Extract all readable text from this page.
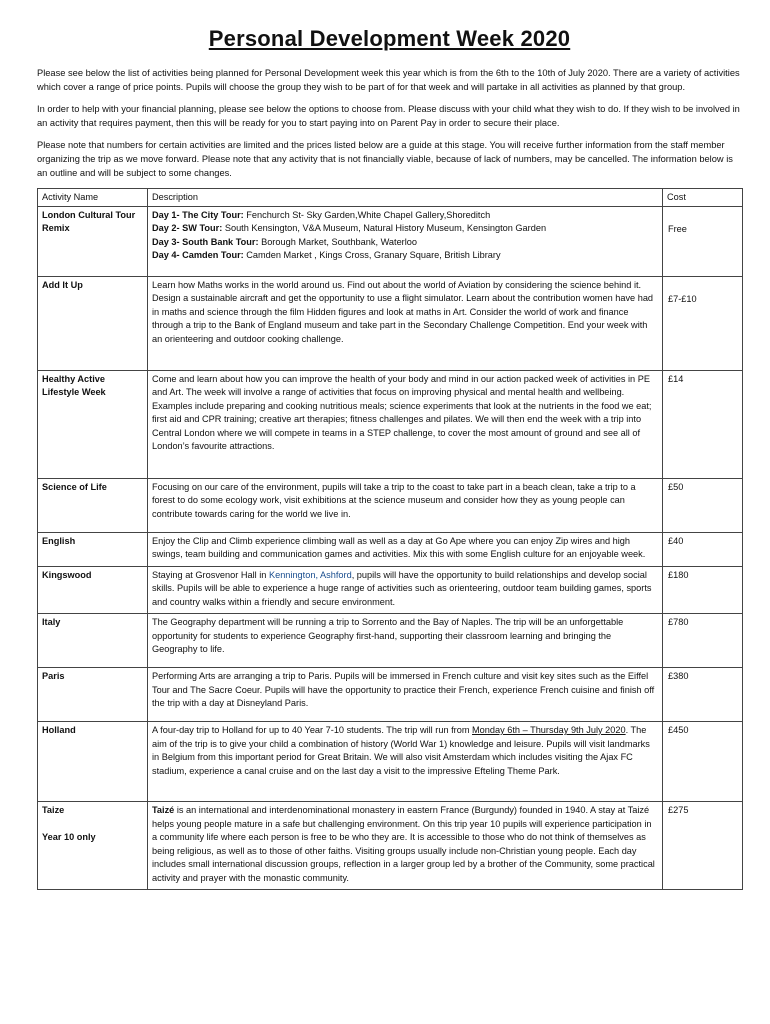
Personal Development Week 2020

Please see below the list of activities being planned for Personal Development week this year which is from the 6th to the 10th of July 2020. There are a variety of activities which cover a range of price points. Pupils will choose the group they wish to be part of for that week and will partake in all activities as planned by that group.

In order to help with your financial planning, please see below the options to choose from. Please discuss with your child what they wish to do. If they wish to be involved in an activity that requires payment, then this will be ready for you to start paying into on Parent Pay in order to secure their place.

Please note that numbers for certain activities are limited and the prices listed below are a guide at this stage. You will receive further information from the staff member organizing the trip as we move forward. Please note that any activity that is not financially viable, because of lack of numbers, may be cancelled. The information below is an outline and will be subject to some changes.

Activity Name	Description	Cost
London Cultural Tour Remix	Day 1- The City Tour: Fenchurch St- Sky Garden,White Chapel Gallery,Shoreditch
Day 2- SW Tour: South Kensington, V&A Museum, Natural History Museum, Kensington Garden
Day 3- South Bank Tour: Borough Market, Southbank, Waterloo
Day 4- Camden Tour: Camden Market , Kings Cross, Granary Square, British Library	Free
Add It Up	Learn how Maths works in the world around us. Find out about the world of Aviation by considering the science behind it. Design a sustainable aircraft and get the opportunity to use a flight simulator. Learn about the contribution women have had in maths and science through the film Hidden figures and look at maths in Art. Consider the world of work and finance through a trip to the Bank of England museum and take part in the Secondary Challenge Competition. End your week with an orienteering and outdoor cooking challenge.	£7-£10
Healthy Active Lifestyle Week	Come and learn about how you can improve the health of your body and mind in our action packed week of activities in PE and Art. The week will involve a range of activities that focus on improving physical and mental health and wellbeing. Examples include preparing and cooking nutritious meals; science experiments that look at the nutrients in the food we eat; first aid and CPR training; creative art therapies; fitness challenges and pilates. We will then end the week with a trip into Central London where we will compete in teams in a STEP challenge, to cover the most amount of ground and see all of London’s favourite attractions.	£14
Science of Life	Focusing on our care of the environment, pupils will take a trip to the coast to take part in a beach clean, take a trip to a forest to do some ecology work, visit exhibitions at the science museum and consider how they as young people can contribute towards caring for the world we live in.	£50
English	Enjoy the Clip and Climb experience climbing wall as well as a day at Go Ape where you can enjoy Zip wires and high swings, team building and communication games and activities. Mix this with some English culture for an enjoyable week.	£40
Kingswood	Staying at Grosvenor Hall in Kennington, Ashford, pupils will have the opportunity to build relationships and develop social skills. Pupils will be able to experience a huge range of activities such as orienteering, outdoor team building games, sports and country walks within a friendly and secure environment.	£180
Italy	The Geography department will be running a trip to Sorrento and the Bay of Naples. The trip will be an unforgettable opportunity for students to experience Geography first-hand, supporting their classroom learning and bringing the Geography to life.	£780
Paris	Performing Arts are arranging a trip to Paris. Pupils will be immersed in French culture and visit key sites such as the Eiffel Tour and The Sacre Coeur. Pupils will have the opportunity to practice their French, experience French cuisine and finish off the trip with a day at Disneyland Paris.	£380
Holland	A four-day trip to Holland for up to 40 Year 7-10 students. The trip will run from Monday 6th – Thursday 9th July 2020. The aim of the trip is to give your child a combination of history (World War 1) knowledge and leisure. Pupils will visit landmarks in Belgium from this important period for Great Britain. We will also visit Amsterdam which includes visiting the Ajax FC stadium, experience a canal cruise and on the last day a visit to the impressive Efteling Theme Park.	£450

Taize
Year 10 only	Taizé is an international and interdenominational monastery in eastern France (Burgundy) founded in 1940. A stay at Taizé helps young people mature in a safe but challenging environment. On this trip year 10 pupils will experience participation in a community life where each person is free to be who they are. It is accessible to those who do not think of themselves as being religious, as well as to those of other faiths. Visiting groups usually include non-Christian young people. Each day includes small international discussion groups, reflection in a larger group led by a brother of the Community, some practical activity and prayer with the monastic community.	£275
